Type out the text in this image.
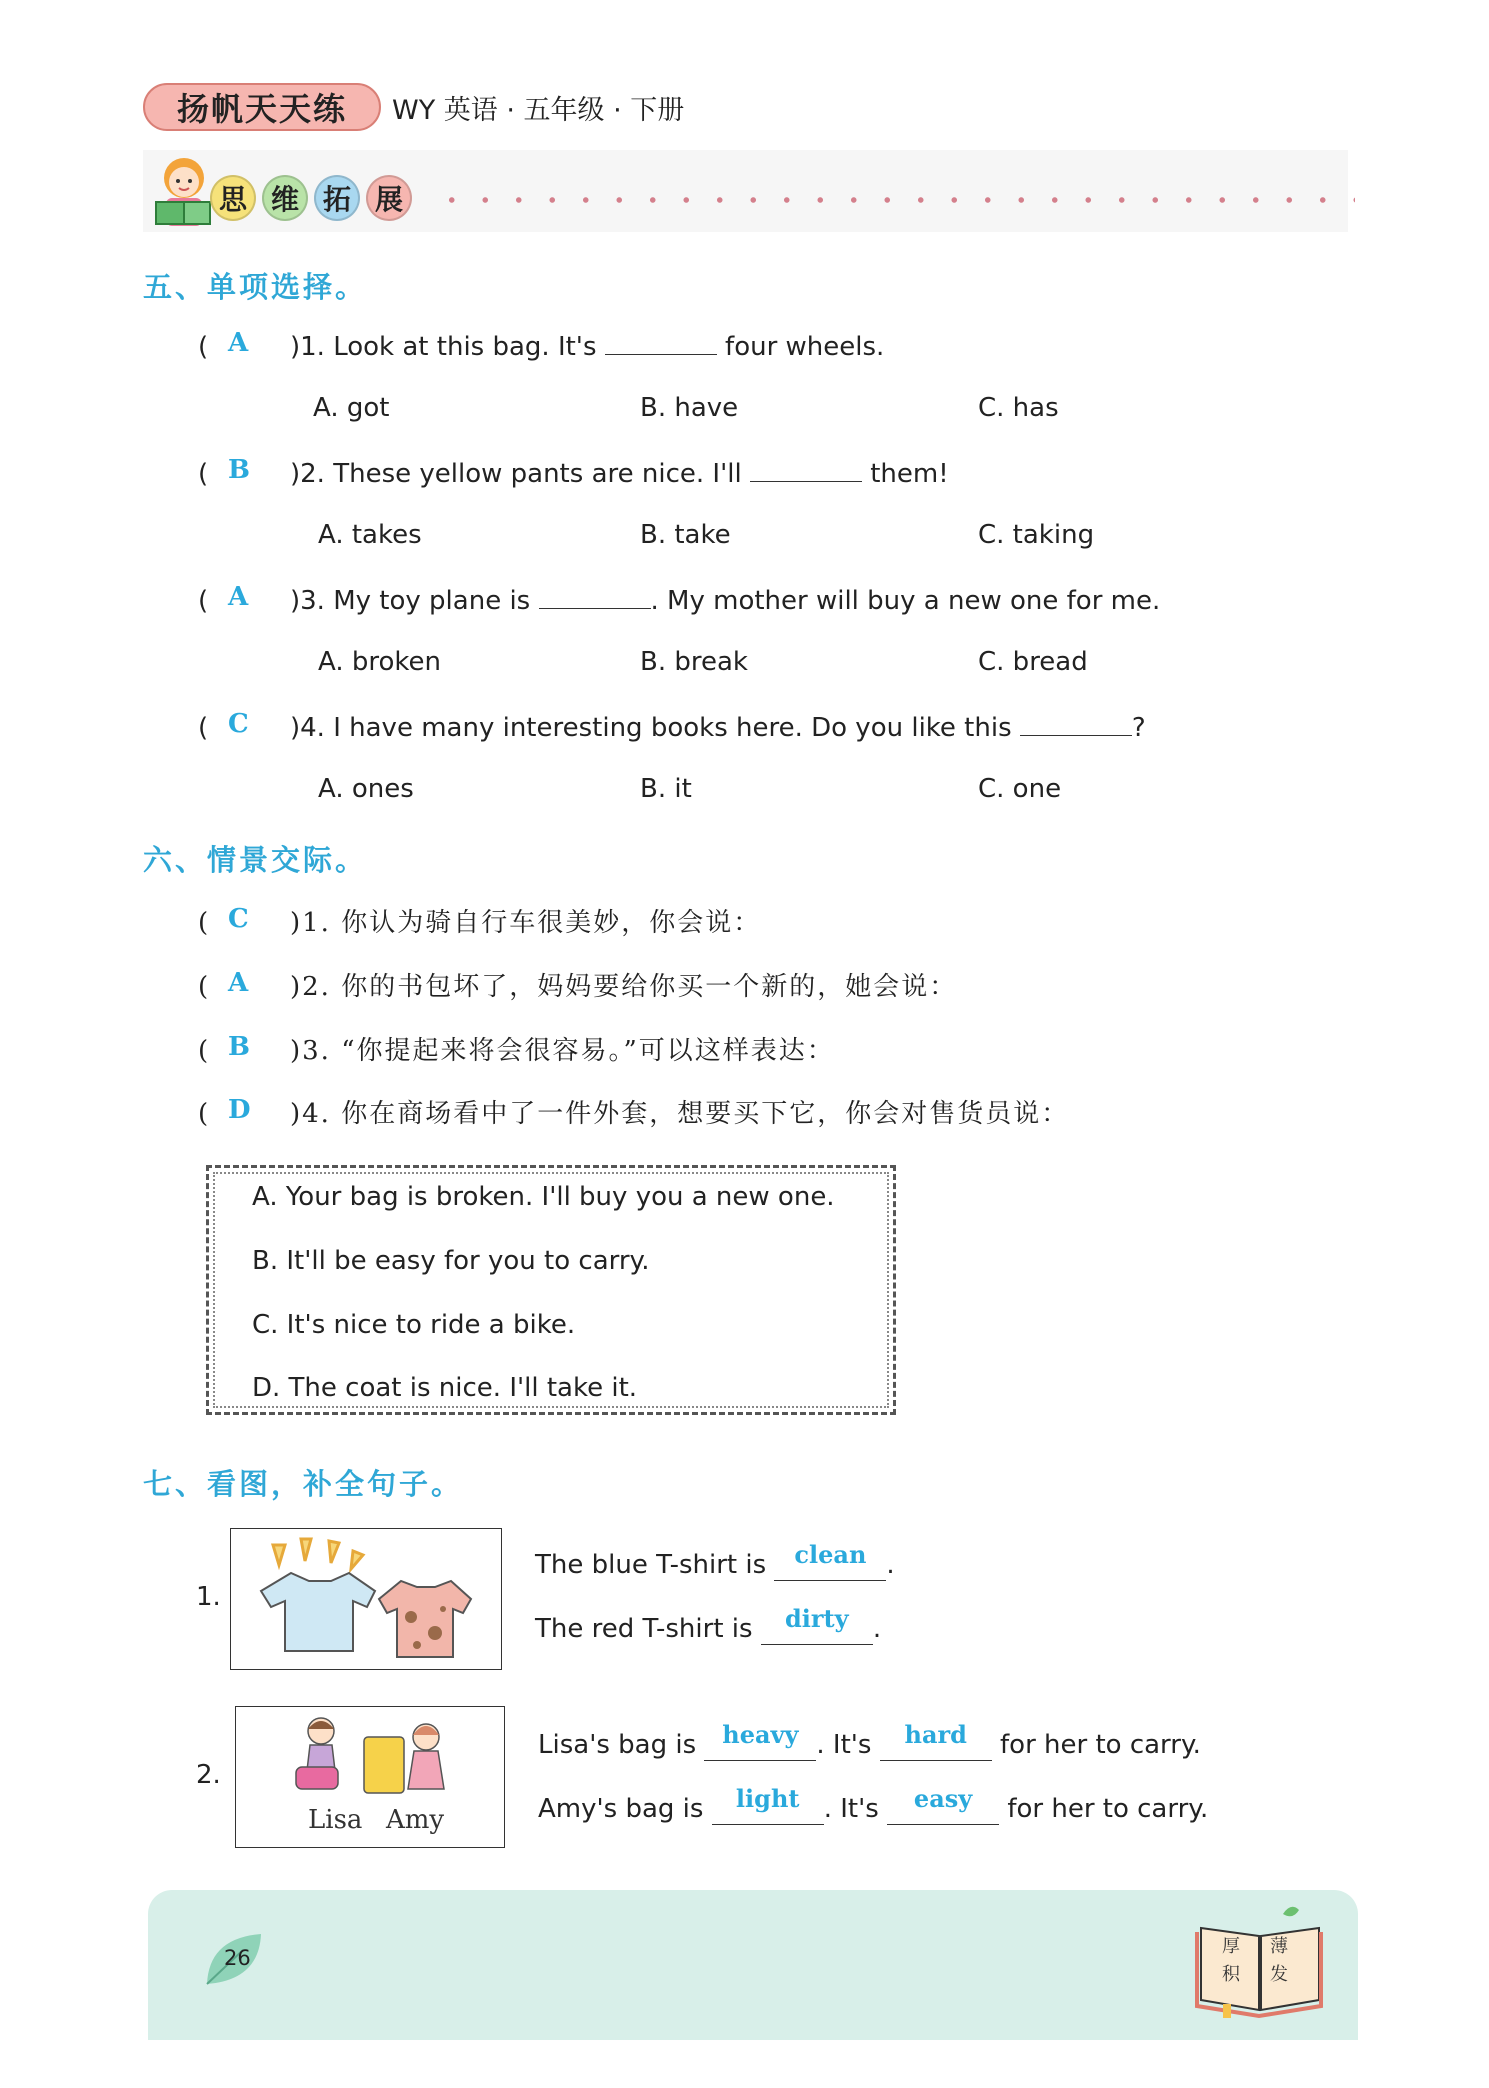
扬帆天天练	WY 英语 · 五年级 · 下册
思 维 拓 展
五、单项选择。
( A )1. Look at this bag. It's	four wheels.
A. got	B. have	C. has
( B )2. These yellow pants are nice. I'll	them!
A. takes	B. take	C. taking
( A )3. My toy plane is	. My mother will buy a new one for me.
A. broken	B. break	C. bread
( C )4. I have many interesting books here. Do you like this	?
A. ones	B. it	C. one
六、情景交际。
( C )1. 你认为骑自行车很美妙，你会说：
( A )2. 你的书包坏了，妈妈要给你买一个新的，她会说：
( B )3. “你提起来将会很容易。”可以这样表达：
( D )4. 你在商场看中了一件外套，想要买下它，你会对售货员说：
A. Your bag is broken. I'll buy you a new one.
B. It'll be easy for you to carry.
C. It's nice to ride a bike.
D. The coat is nice. I'll take it.
七、看图，补全句子。
1.
The blue T-shirt is clean .
The red T-shirt is dirty .
2.
Lisa Amy
Lisa's bag is heavy . It's hard for her to carry.
Amy's bag is light . It's easy for her to carry.
26	厚 薄
积 发
